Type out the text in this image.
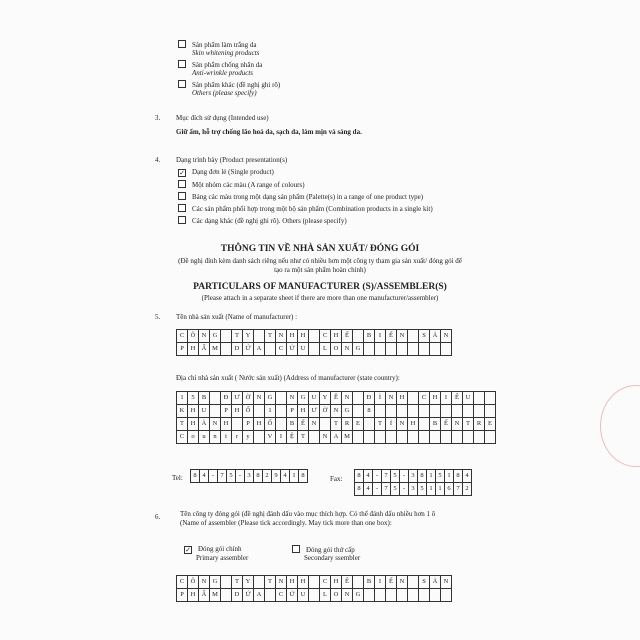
Sản phẩm làm trắng da
Skin whitening products
Sản phẩm chống nhăn da
Anti-wrinkle products
Sản phẩm khác (đề nghị ghi rõ)
Others (please specify)
3. Mục đích sử dụng (Intended use)
Giữ ẩm, hỗ trợ chống lão hoá da, sạch da, làm mịn và sáng da.
4. Dạng trình bày (Product presentation(s)
✓ Dạng đơn lẻ (Single product)
Một nhóm các màu (A range of colours)
Bảng các màu trong một dạng sản phẩm (Palette(s) in a range of one product type)
Các sản phẩm phối hợp trong một bộ sản phẩm (Combination products in a single kit)
Các dạng khác (đề nghị ghi rõ). Others (please specify)
THÔNG TIN VỀ NHÀ SẢN XUẤT/ ĐÓNG GÓI
(Đề nghị đính kèm danh sách riêng nếu như có nhiều hơn một công ty tham gia sản xuất/ đóng gói để
tạo ra một sản phẩm hoàn chỉnh)
PARTICULARS OF MANUFACTURER (S)/ASSEMBLER(S)
(Please attach in a separate sheet if there are more than one manufacturer/assembler)
5. Tên nhà sản xuất (Name of manufacturer) :
C Ô N G	T	Y	T	N H H	C H	Ế	B	I	Ế	N	S	Ả N
P	H Ẩ M	D Ứ A	C Ử U	L	O N G
Địa chỉ nhà sản xuất ( Nước sản xuất) (Address of manufacturer (state country):
1	5	B	Đ Ư Ờ N G	N G U Y	Ễ	N	Đ	Ì	N H	C H	I	Ể	U
K H U	P	H Ố	1	P	H Ư Ờ N G	8
T	H À N H	P	H Ố	B	Ế	N	T	R	E	T	Ỉ	N H	B	Ế	N	T	R	E
C	o	u	n	t	r	y	V	I	Ệ	T	N A M
Tel:	8 4 - 7 5 - 3 8 2 9 4 1 8	Fax:	8 4 - 7 5 - 3 8 1 5 1 8 4
8 4 - 7 5 - 3 5 1 1 6 7 2
6.	Tên công ty đóng gói (đề nghị đánh dấu vào mục thích hợp. Có thể đánh dấu nhiều hơn 1 ô
(Name of assembler (Please tick accordingly. May tick more than one box):
✓ Đóng gói chính
Primary assembler
Đóng gói thứ cấp
Secondary ssembler
C Ô N G	T	Y	T	N H H	C H	Ế	B	I	Ế	N	S	Ả N
P	H Ẩ M	D Ứ A	C Ử U	L	O N G
